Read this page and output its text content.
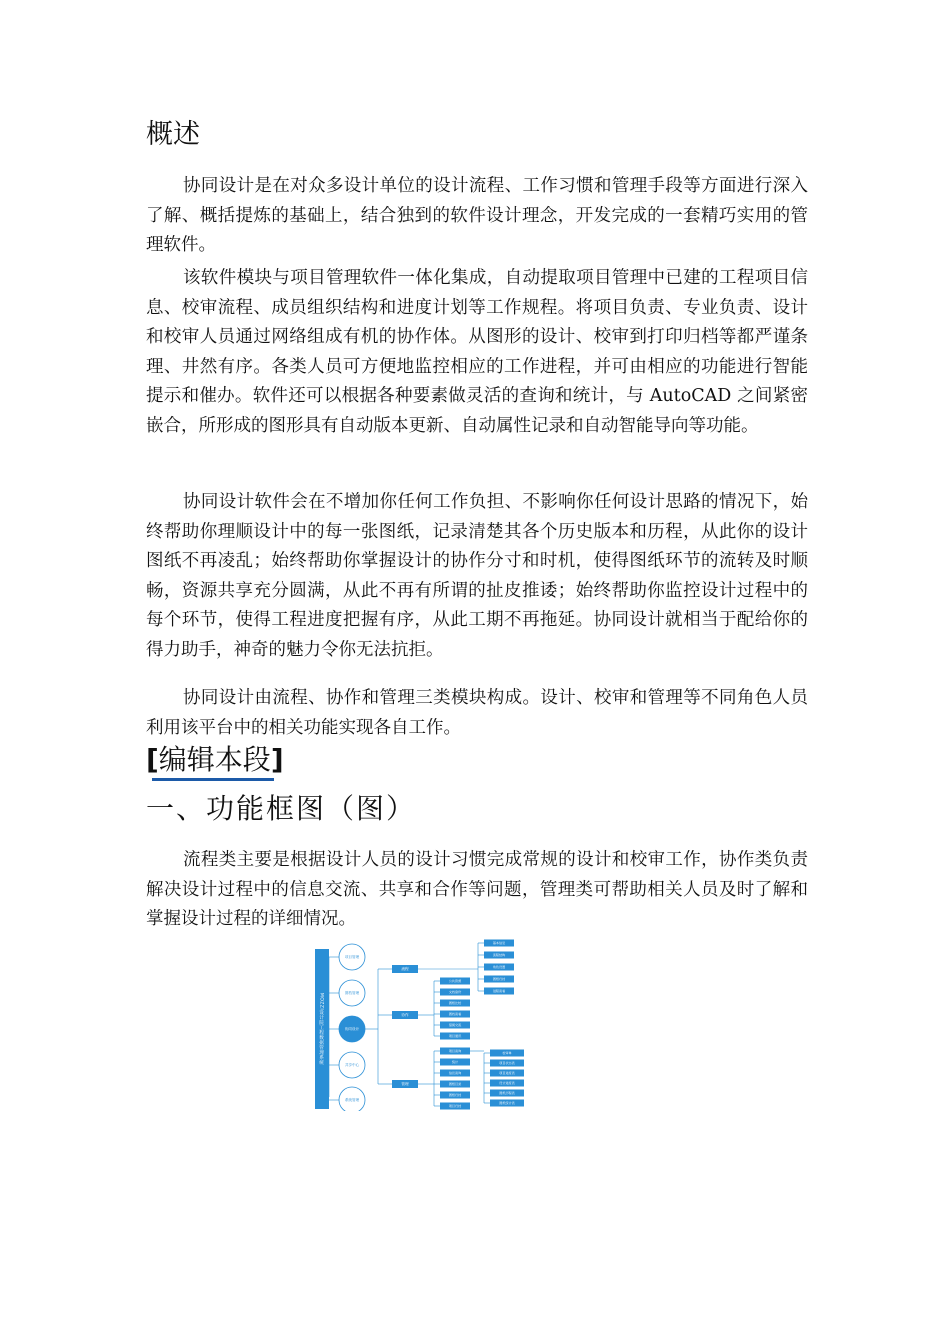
概述

协同设计是在对众多设计单位的设计流程、工作习惯和管理手段等方面进行深入了解、概括提炼的基础上，结合独到的软件设计理念，开发完成的一套精巧实用的管理软件。

该软件模块与项目管理软件一体化集成，自动提取项目管理中已建的工程项目信息、校审流程、成员组织结构和进度计划等工作规程。将项目负责、专业负责、设计和校审人员通过网络组成有机的协作体。从图形的设计、校审到打印归档等都严谨条理、井然有序。各类人员可方便地监控相应的工作进程，并可由相应的功能进行智能提示和催办。软件还可以根据各种要素做灵活的查询和统计，与 AutoCAD 之间紧密嵌合，所形成的图形具有自动版本更新、自动属性记录和自动智能导向等功能。

协同设计软件会在不增加你任何工作负担、不影响你任何设计思路的情况下，始终帮助你理顺设计中的每一张图纸，记录清楚其各个历史版本和历程，从此你的设计图纸不再凌乱；始终帮助你掌握设计的协作分寸和时机，使得图纸环节的流转及时顺畅，资源共享充分圆满，从此不再有所谓的扯皮推诿；始终帮助你监控设计过程中的每个环节，使得工程进度把握有序，从此工期不再拖延。协同设计就相当于配给你的得力助手，神奇的魅力令你无法抗拒。

协同设计由流程、协作和管理三类模块构成。设计、校审和管理等不同角色人员利用该平台中的相关功能实现各自工作。

[编辑本段]
一、功能框图（图）

流程类主要是根据设计人员的设计习惯完成常规的设计和校审工作，协作类负责解决设计过程中的信息交流、共享和合作等问题，管理类可帮助相关人员及时了解和掌握设计过程的详细情况。

MOZZI设计院工程数据管理系统
项目管理
图档管理
协同设计
共享中心
系统管理
流程
协作
管理
基本信息
流程结构
角色设置
图纸归档
进程查看
公共资源
文档备份
图纸比较
图档查看
借阅交流
项目通讯
项目查询
统计
信息查询
图纸目录
图纸归档
项目归档
校审单
项目状态表
项目进度表
设计进度表
图纸历程表
图纸统计表
